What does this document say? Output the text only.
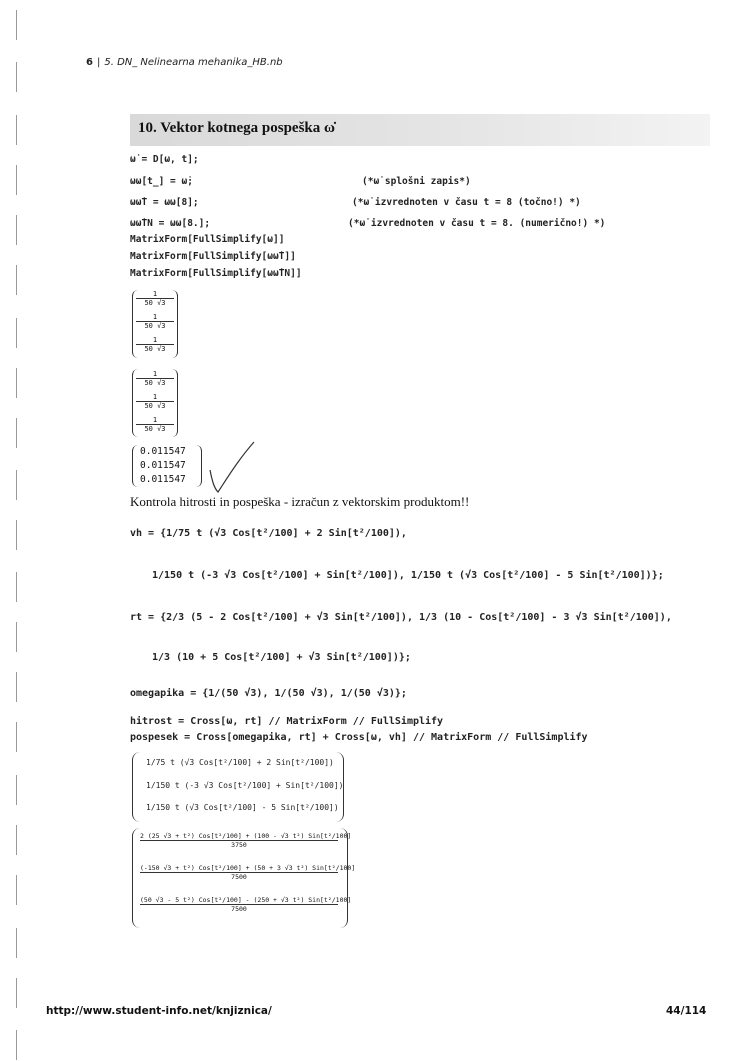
6 | 5. DN_ Nelinearna mehanika_HB.nb
10. Vektor kotnega pospeška ω̇
ω̇ = D[ω, t];
ωω̇[t_] = ω̇;
ωω̇T = ωω̇[8];
ωω̇TN = ωω̇[8.];
MatrixForm[FullSimplify[ω̇]]
MatrixForm[FullSimplify[ωω̇T]]
MatrixForm[FullSimplify[ωω̇TN]]
(*ω̇ splošni zapis*)
(*ω̇ izvrednoten v času t = 8 (točno!) *)
(*ω̇ izvrednoten v času t = 8. (numerično!) *)
$\frac{1}{50 √3}$
$\frac{1}{50 √3}$
$\frac{1}{50 √3}$
$\frac{1}{50 √3}$
$\frac{1}{50 √3}$
$\frac{1}{50 √3}$
0.011547
0.011547
0.011547
Kontrola hitrosti in pospeška - izračun z vektorskim produktom!!
vh = {1/75 t (√3 Cos[t²/100] + 2 Sin[t²/100]),
1/150 t (-3 √3 Cos[t²/100] + Sin[t²/100]), 1/150 t (√3 Cos[t²/100] - 5 Sin[t²/100])};
rt = {2/3 (5 - 2 Cos[t²/100] + √3 Sin[t²/100]), 1/3 (10 - Cos[t²/100] - 3 √3 Sin[t²/100]),
1/3 (10 + 5 Cos[t²/100] + √3 Sin[t²/100])};
omegapika = {1/(50 √3), 1/(50 √3), 1/(50 √3)};
hitrost = Cross[ω, rt] // MatrixForm // FullSimplify
pospesek = Cross[omegapika, rt] + Cross[ω, vh] // MatrixForm // FullSimplify
1/75 t (√3 Cos[t²/100] + 2 Sin[t²/100])
1/150 t (-3 √3 Cos[t²/100] + Sin[t²/100])
1/150 t (√3 Cos[t²/100] - 5 Sin[t²/100])
2 (25 √3 + t²) Cos[t²/100] + (100 - √3 t²) Sin[t²/100]
3750
(-150 √3 + t²) Cos[t²/100] + (50 + 3 √3 t²) Sin[t²/100]
7500
(50 √3 - 5 t²) Cos[t²/100] - (250 + √3 t²) Sin[t²/100]
7500
http://www.student-info.net/knjiznica/	44/114
